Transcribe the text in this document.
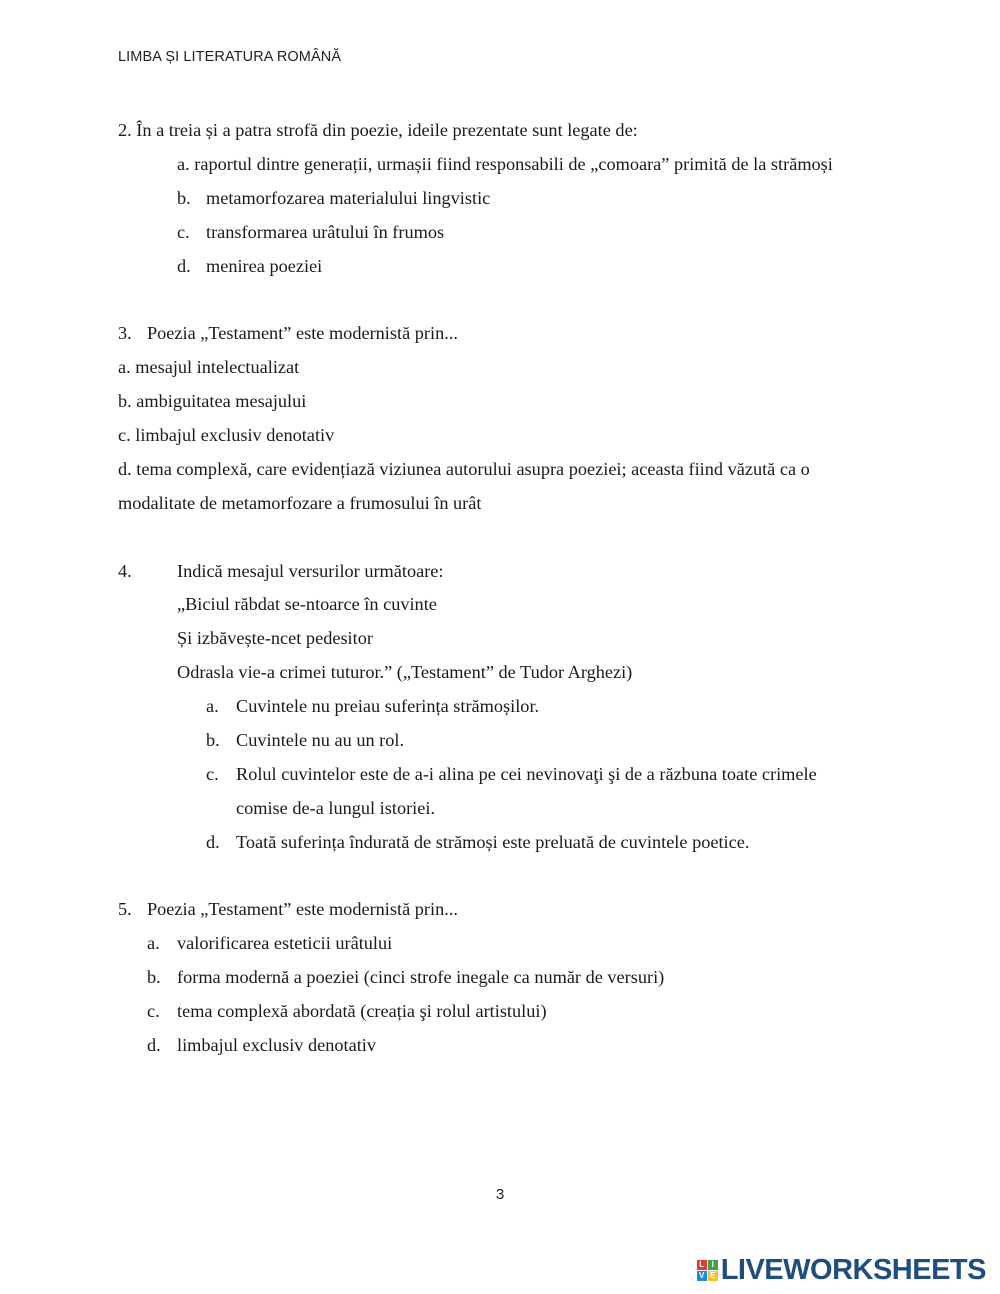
LIMBA ȘI LITERATURA ROMÂNĂ
2. În a treia și a patra strofă din poezie, ideile prezentate sunt legate de:
a. raportul dintre generații, urmașii fiind responsabili de „comoara” primită de la strămoși
b. metamorfozarea materialului lingvistic
c. transformarea urâtului în frumos
d. menirea poeziei
3. Poezia „Testament” este modernistă prin...
a. mesajul intelectualizat
b. ambiguitatea mesajului
c. limbajul exclusiv denotativ
d. tema complexă, care evidențiază viziunea autorului asupra poeziei; aceasta fiind văzută ca o
modalitate de metamorfozare a frumosului în urât
4. Indică mesajul versurilor următoare:
„Biciul răbdat se-ntoarce în cuvinte
Și izbăvește-ncet pedesitor
Odrasla vie-a crimei tuturor.” („Testament” de Tudor Arghezi)
a. Cuvintele nu preiau suferința strămoșilor.
b. Cuvintele nu au un rol.
c. Rolul cuvintelor este de a-i alina pe cei nevinovaţi şi de a răzbuna toate crimele
comise de-a lungul istoriei.
d. Toată suferința îndurată de strămoși este preluată de cuvintele poetice.
5. Poezia „Testament” este modernistă prin...
a. valorificarea esteticii urâtului
b. forma modernă a poeziei (cinci strofe inegale ca număr de versuri)
c. tema complexă abordată (creația şi rolul artistului)
d. limbajul exclusiv denotativ
3
L I
V E LIVEWORKSHEETS
